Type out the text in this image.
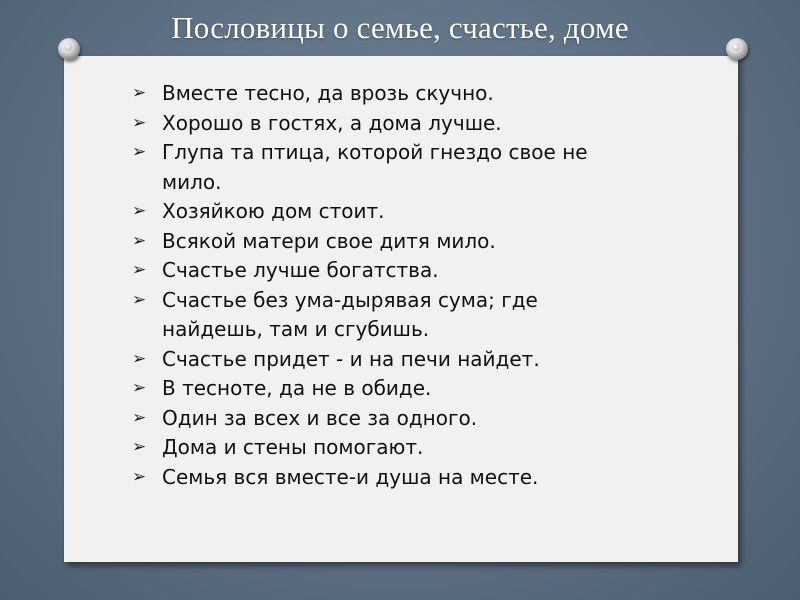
Пословицы о семье, счастье, доме
➢ Вместе тесно, да врозь скучно.
➢ Хорошо в гостях, а дома лучше.
➢ Глупа та птица, которой гнездо свое не мило.
➢ Хозяйкою дом стоит.
➢ Всякой матери свое дитя мило.
➢ Счастье лучше богатства.
➢ Счастье без ума-дырявая сума; где найдешь, там и сгубишь.
➢ Счастье придет - и на печи найдет.
➢ В тесноте, да не в обиде.
➢ Один за всех и все за одного.
➢ Дома и стены помогают.
➢ Семья вся вместе-и душа на месте.
